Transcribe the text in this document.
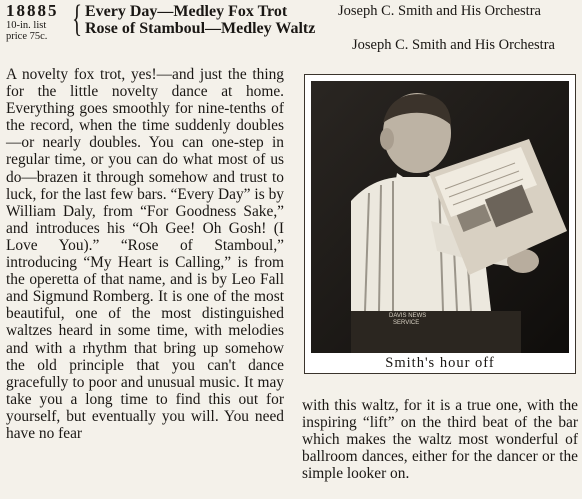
18885
10-in. list
price 75c. { Every Day—Medley Fox Trot	Joseph C. Smith and His Orchestra
Rose of Stamboul—Medley Waltz
Joseph C. Smith and His Orchestra

A novelty fox trot, yes!—and just the thing for the little novelty dance at home. Everything goes smoothly for nine-tenths of the record, when the time suddenly doubles—or nearly doubles. You can one-step in regular time, or you can do what most of us do—brazen it through somehow and trust to luck, for the last few bars. “Every Day” is by William Daly, from “For Goodness Sake,” and introduces his “Oh Gee! Oh Gosh! (I Love You).” “Rose of Stamboul,” introducing “My Heart is Calling,” is from the operetta of that name, and is by Leo Fall and Sigmund Romberg. It is one of the most beautiful, one of the most distinguished waltzes heard in some time, with melodies and with a rhythm that bring up somehow the old principle that you can't dance gracefully to poor and unusual music. It may take you a long time to find this out for yourself, but eventually you will. You need have no fear

DAVIS NEWS
SERVICE
Smith's hour off

with this waltz, for it is a true one, with the inspiring “lift” on the third beat of the bar which makes the waltz most wonderful of ballroom dances, either for the dancer or the simple looker on.
